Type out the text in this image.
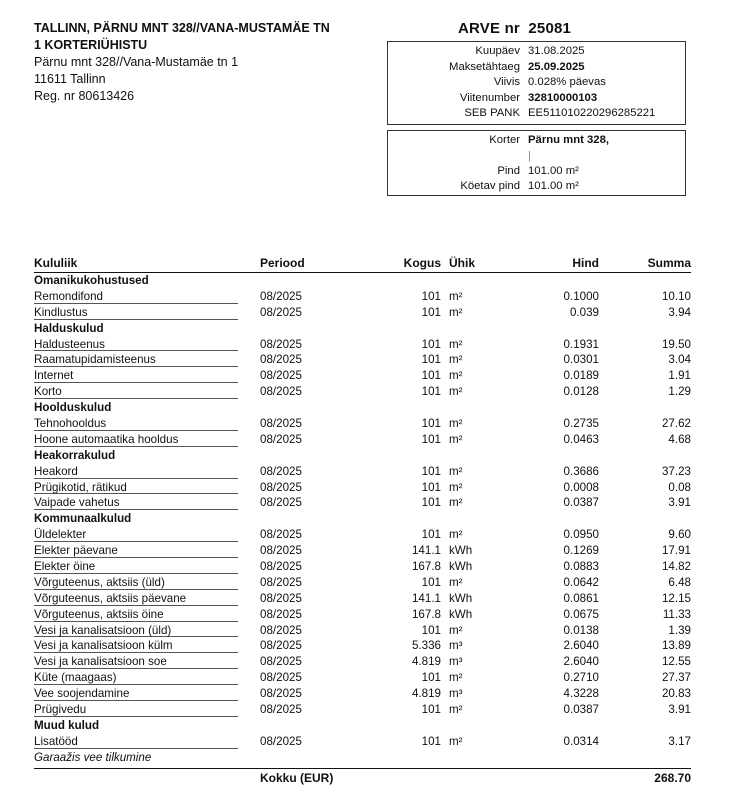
TALLINN, PÄRNU MNT 328//VANA-MUSTAMÄE TN
1 KORTERIÜHISTU
Pärnu mnt 328//Vana-Mustamäe tn 1
11611 Tallinn
Reg. nr 80613426
ARVE nr 25081
Kuupäev 31.08.2025
Maksetähtaeg 25.09.2025
Viivis 0.028% päevas
Viitenumber 32810000103
SEB PANK EE511010220296285221
Korter Pärnu mnt 328,
|
Pind 101.00 m²
Köetav pind 101.00 m²
Kululiik	Periood	Kogus Ühik	Hind	Summa
Omanikukohustused
Remondifond	08/2025	101 m²	0.1000	10.10
Kindlustus	08/2025	101 m²	0.039	3.94
Halduskulud
Haldusteenus	08/2025	101 m²	0.1931	19.50
Raamatupidamisteenus	08/2025	101 m²	0.0301	3.04
Internet	08/2025	101 m²	0.0189	1.91
Korto	08/2025	101 m²	0.0128	1.29
Hoolduskulud
Tehnohooldus	08/2025	101 m²	0.2735	27.62
Hoone automaatika hooldus	08/2025	101 m²	0.0463	4.68
Heakorrakulud
Heakord	08/2025	101 m²	0.3686	37.23
Prügikotid, rätikud	08/2025	101 m²	0.0008	0.08
Vaipade vahetus	08/2025	101 m²	0.0387	3.91
Kommunaalkulud
Üldelekter	08/2025	101 m²	0.0950	9.60
Elekter päevane	08/2025	141.1 kWh	0.1269	17.91
Elekter öine	08/2025	167.8 kWh	0.0883	14.82
Võrguteenus, aktsiis (üld)	08/2025	101 m²	0.0642	6.48
Võrguteenus, aktsiis päevane	08/2025	141.1 kWh	0.0861	12.15
Võrguteenus, aktsiis öine	08/2025	167.8 kWh	0.0675	11.33
Vesi ja kanalisatsioon (üld)	08/2025	101 m²	0.0138	1.39
Vesi ja kanalisatsioon külm	08/2025	5.336 m³	2.6040	13.89
Vesi ja kanalisatsioon soe	08/2025	4.819 m³	2.6040	12.55
Küte (maagaas)	08/2025	101 m²	0.2710	27.37
Vee soojendamine	08/2025	4.819 m³	4.3228	20.83
Prügivedu	08/2025	101 m²	0.0387	3.91
Muud kulud
Lisatööd	08/2025	101 m²	0.0314	3.17
Garaažis vee tilkumine
Kokku (EUR)	268.70
